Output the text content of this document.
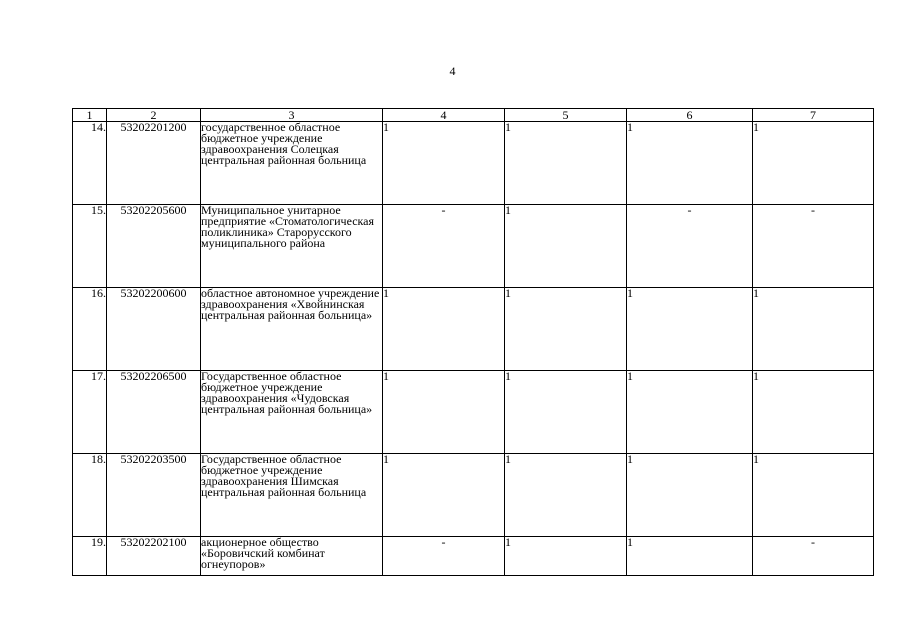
4
1	2	3	4	5	6	7
14.	53202201200	государственное областное бюджетное учреждение здравоохранения Солецкая центральная районная больница	1	1	1	1
15.	53202205600	Муниципальное унитарное предприятие «Стоматологическая поликлиника» Старорусского муниципального района	-	1	-	-
16.	53202200600	областное автономное учреждение здравоохранения «Хвойнинская центральная районная больница»	1	1	1	1
17.	53202206500	Государственное областное бюджетное учреждение здравоохранения «Чудовская центральная районная больница»	1	1	1	1
18.	53202203500	Государственное областное бюджетное учреждение здравоохранения Шимская центральная районная больница	1	1	1	1
19.	53202202100	акционерное общество «Боровичский комбинат огнеупоров»	-	1	1	-
